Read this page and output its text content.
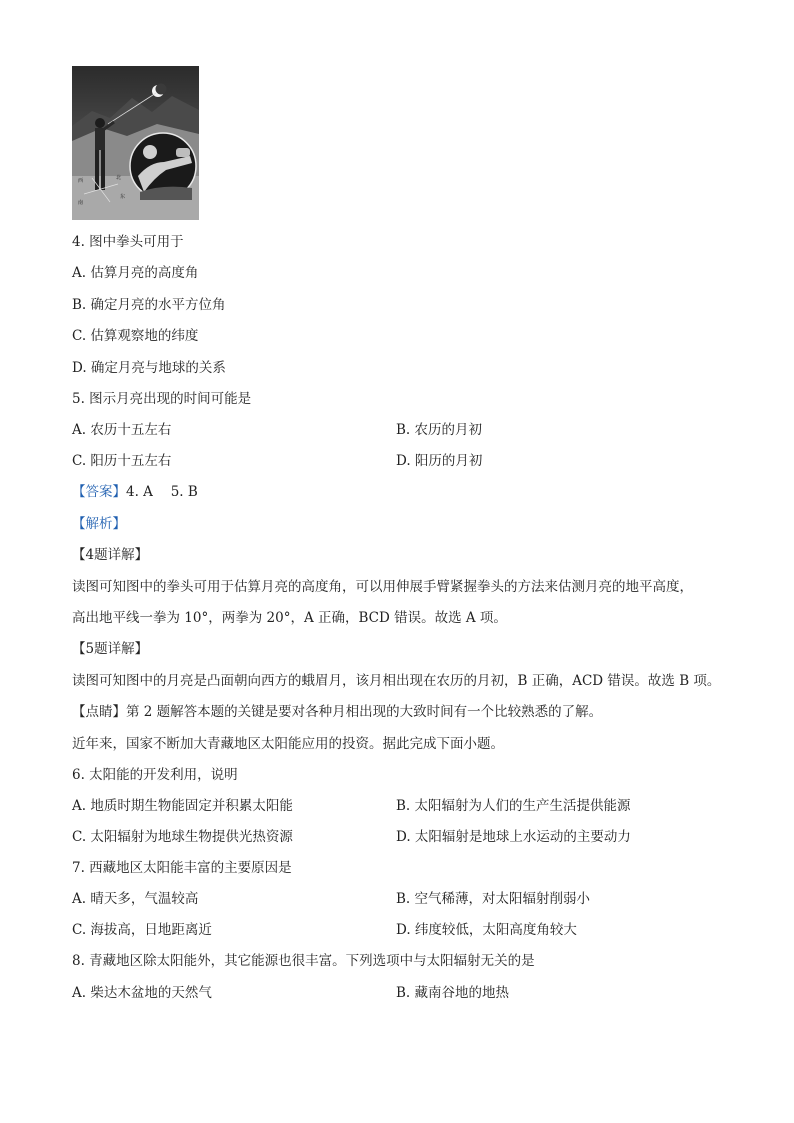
西	北
东
南
4. 图中拳头可用于
A. 估算月亮的高度角
B. 确定月亮的水平方位角
C. 估算观察地的纬度
D. 确定月亮与地球的关系
5. 图示月亮出现的时间可能是
A. 农历十五左右	B. 农历的月初
C. 阳历十五左右	D. 阳历的月初
【答案】4. A　 5. B
【解析】
【4题详解】
读图可知图中的拳头可用于估算月亮的高度角，可以用伸展手臂紧握拳头的方法来估测月亮的地平高度，
高出地平线一拳为 10°，两拳为 20°，A 正确，BCD 错误。故选 A 项。
【5题详解】
读图可知图中的月亮是凸面朝向西方的蛾眉月，该月相出现在农历的月初，B 正确，ACD 错误。故选 B 项。
【点睛】第 2 题解答本题的关键是要对各种月相出现的大致时间有一个比较熟悉的了解。
近年来，国家不断加大青藏地区太阳能应用的投资。据此完成下面小题。
6. 太阳能的开发利用，说明
A. 地质时期生物能固定并积累太阳能	B. 太阳辐射为人们的生产生活提供能源
C. 太阳辐射为地球生物提供光热资源	D. 太阳辐射是地球上水运动的主要动力
7. 西藏地区太阳能丰富的主要原因是
A. 晴天多，气温较高	B. 空气稀薄，对太阳辐射削弱小
C. 海拔高，日地距离近	D. 纬度较低，太阳高度角较大
8. 青藏地区除太阳能外，其它能源也很丰富。下列选项中与太阳辐射无关的是
A. 柴达木盆地的天然气	B. 藏南谷地的地热
